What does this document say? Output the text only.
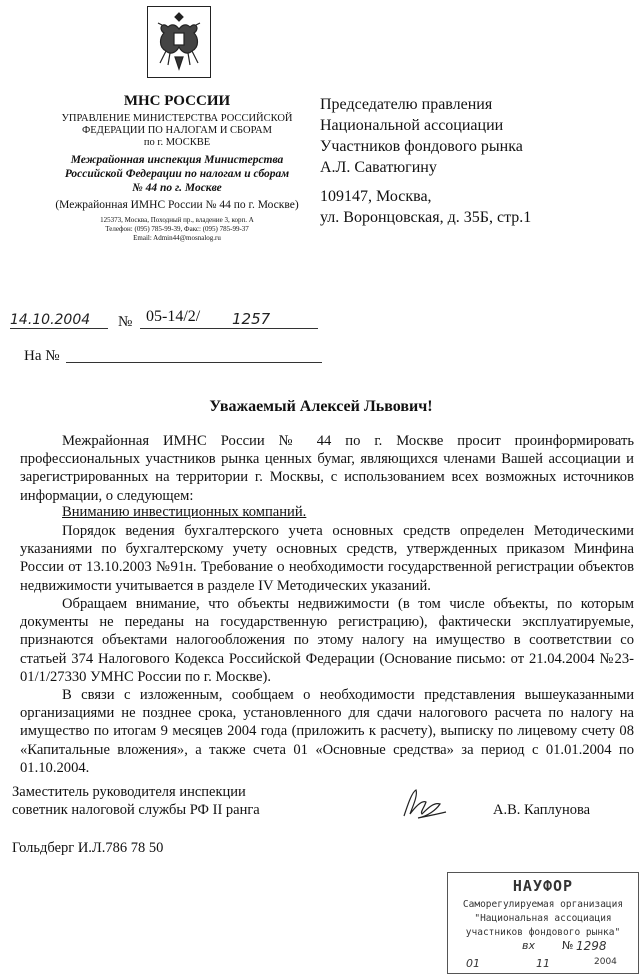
МНС РОССИИ
УПРАВЛЕНИЕ МИНИСТЕРСТВА РОССИЙСКОЙ
ФЕДЕРАЦИИ ПО НАЛОГАМ И СБОРАМ
по г. МОСКВЕ
Межрайонная инспекция Министерства
Российской Федерации по налогам и сборам
№ 44 по г. Москве
(Межрайонная ИМНС России № 44 по г. Москве)
125373, Москва, Походный пр., владение 3, корп. А
Телефон: (095) 785-99-39, Факс: (095) 785-99-37
Email: Admin44@mosnalog.ru
Председателю правления
Национальной ассоциации
Участников фондового рынка
А.Л. Саватюгину
109147, Москва,
ул. Воронцовская, д. 35Б, стр.1
14.10.2004 № 05-14/2/ 1257
На №
Уважаемый Алексей Львович!

Межрайонная ИМНС России № 44 по г. Москве просит проинформировать профессиональных участников рынка ценных бумаг, являющихся членами Вашей ассоциации и зарегистрированных на территории г. Москвы, с использованием всех возможных источников информации, о следующем:

Вниманию инвестиционных компаний.

Порядок ведения бухгалтерского учета основных средств определен Методическими указаниями по бухгалтерскому учету основных средств, утвержденных приказом Минфина России от 13.10.2003 №91н. Требование о необходимости государственной регистрации объектов недвижимости учитывается в разделе IV Методических указаний.

Обращаем внимание, что объекты недвижимости (в том числе объекты, по которым документы не переданы на государственную регистрацию), фактически эксплуатируемые, признаются объектами налогообложения по этому налогу на имущество в соответствии со статьей 374 Налогового Кодекса Российской Федерации (Основание письмо: от 21.04.2004 №23-01/1/27330 УМНС России по г. Москве).

В связи с изложенным, сообщаем о необходимости представления вышеуказанными организациями не позднее срока, установленного для сдачи налогового расчета по налогу на имущество по итогам 9 месяцев 2004 года (приложить к расчету), выписку по лицевому счету 08 «Капитальные вложения», а также счета 01 «Основные средства» за период с 01.01.2004 по 01.10.2004.

Заместитель руководителя инспекции
советник налоговой службы РФ II ранга	А.В. Каплунова
Гольдберг И.Л.786 78 50
НАУФОР
Саморегулируемая организация
"Национальная ассоциация
участников фондового рынка"
вх № 1298
01	11	2004
